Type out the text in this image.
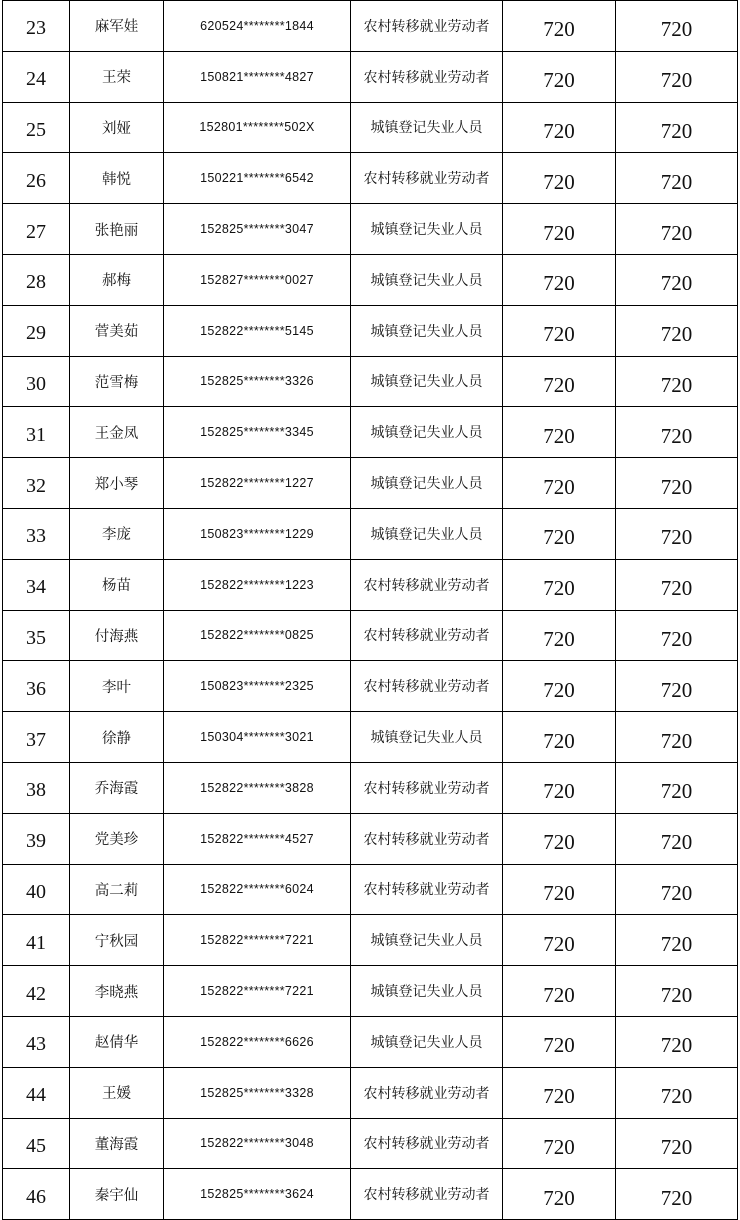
23	麻军娃	620524********1844	农村转移就业劳动者	720	720
24	王荣	150821********4827	农村转移就业劳动者	720	720
25	刘娅	152801********502X	城镇登记失业人员	720	720
26	韩悦	150221********6542	农村转移就业劳动者	720	720
27	张艳丽	152825********3047	城镇登记失业人员	720	720
28	郝梅	152827********0027	城镇登记失业人员	720	720
29	菅美茹	152822********5145	城镇登记失业人员	720	720
30	范雪梅	152825********3326	城镇登记失业人员	720	720
31	王金凤	152825********3345	城镇登记失业人员	720	720
32	郑小琴	152822********1227	城镇登记失业人员	720	720
33	李庞	150823********1229	城镇登记失业人员	720	720
34	杨苗	152822********1223	农村转移就业劳动者	720	720
35	付海燕	152822********0825	农村转移就业劳动者	720	720
36	李叶	150823********2325	农村转移就业劳动者	720	720
37	徐静	150304********3021	城镇登记失业人员	720	720
38	乔海霞	152822********3828	农村转移就业劳动者	720	720
39	党美珍	152822********4527	农村转移就业劳动者	720	720
40	高二莉	152822********6024	农村转移就业劳动者	720	720
41	宁秋园	152822********7221	城镇登记失业人员	720	720
42	李晓燕	152822********7221	城镇登记失业人员	720	720
43	赵倩华	152822********6626	城镇登记失业人员	720	720
44	王媛	152825********3328	农村转移就业劳动者	720	720
45	董海霞	152822********3048	农村转移就业劳动者	720	720
46	秦宇仙	152825********3624	农村转移就业劳动者	720	720
